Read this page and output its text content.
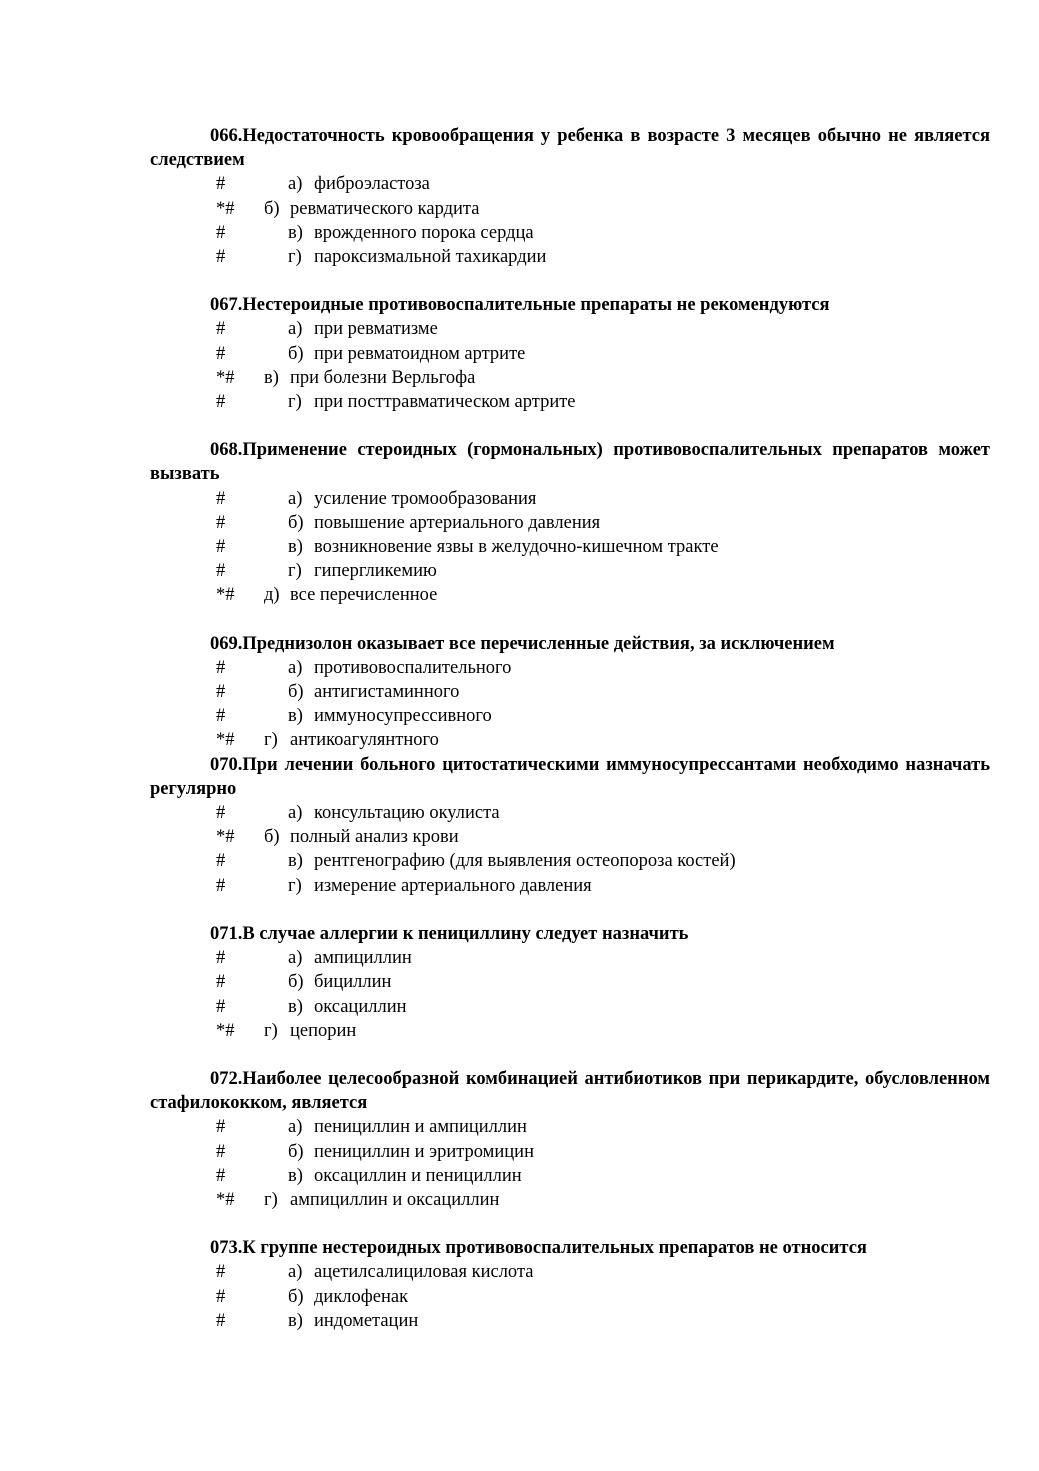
066.Недостаточность кровообращения у ребенка в возрасте 3 месяцев обычно не является следствием

#	а) фиброэластоза
*#	б) ревматического кардита
#	в) врожденного порока сердца
#	г) пароксизмальной тахикардии

067.Нестероидные противовоспалительные препараты не рекомендуются

#	а) при ревматизме
#	б) при ревматоидном артрите
*#	в) при болезни Верльгофа
#	г) при посттравматическом артрите

068.Применение стероидных (гормональных) противовоспалительных препаратов может вызвать

#	а) усиление тромообразования
#	б) повышение артериального давления
#	в) возникновение язвы в желудочно-кишечном тракте
#	г) гипергликемию
*#	д) все перечисленное

069.Преднизолон оказывает все перечисленные действия, за исключением

#	а) противовоспалительного
#	б) антигистаминного
#	в) иммуносупрессивного
*#	г) антикоагулянтного

070.При лечении больного цитостатическими иммуносупрессантами необходимо назначать регулярно

#	а) консультацию окулиста
*#	б) полный анализ крови
#	в) рентгенографию (для выявления остеопороза костей)
#	г) измерение артериального давления

071.В случае аллергии к пенициллину следует назначить

#	а) ампициллин
#	б) бициллин
#	в) оксациллин
*#	г) цепорин

072.Наиболее целесообразной комбинацией антибиотиков при перикардите, обусловленном стафилококком, является

#	а) пенициллин и ампициллин
#	б) пенициллин и эритромицин
#	в) оксациллин и пенициллин
*#	г) ампициллин и оксациллин

073.К группе нестероидных противовоспалительных препаратов не относится

#	а) ацетилсалициловая кислота
#	б) диклофенак
#	в) индометацин
